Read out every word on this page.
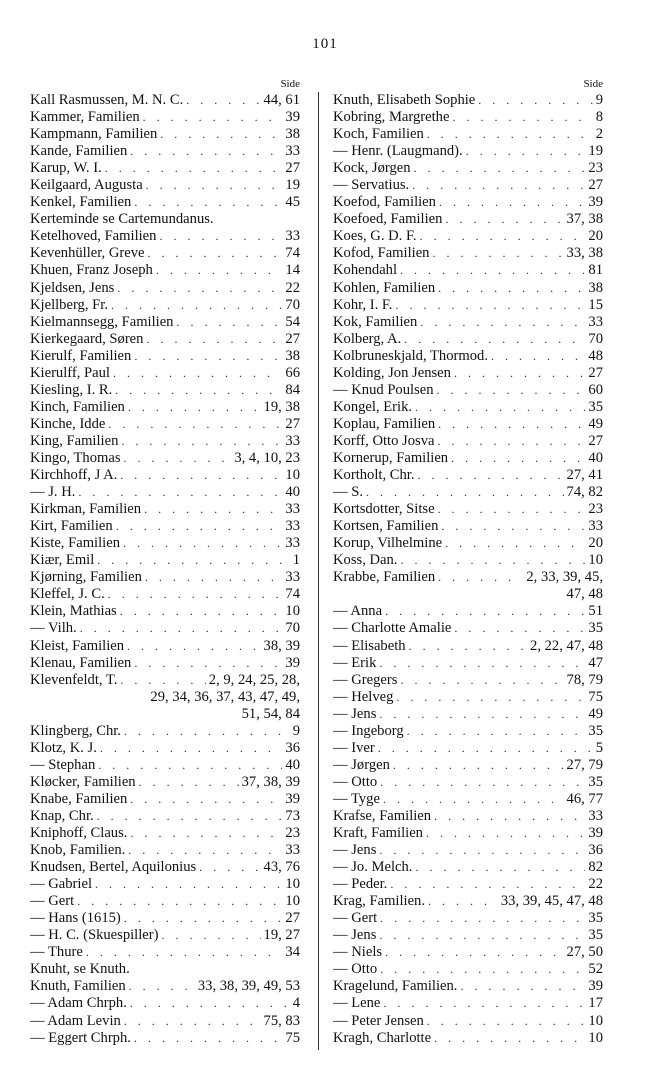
101
Side
Kall Rasmussen, M. N. C. . . .	44, 61
Kammer, Familien . . .	39
Kampmann, Familien . . .	38
Kande, Familien . . .	33
Karup, W. I. . . .	27
Keilgaard, Augusta . . .	19
Kenkel, Familien . . .	45
Kerteminde se Cartemundanus.
Ketelhoved, Familien . . .	33
Kevenhüller, Greve . . .	74
Khuen, Franz Joseph . . .	14
Kjeldsen, Jens . . .	22
Kjellberg, Fr. . . .	70
Kielmannsegg, Familien . . .	54
Kierkegaard, Søren . . .	27
Kierulf, Familien . . .	38
Kierulff, Paul . . .	66
Kiesling, I. R. . . .	84
Kinch, Familien . . .	19, 38
Kinche, Idde . . .	27
King, Familien . . .	33
Kingo, Thomas . . .	3, 4, 10, 23
Kirchhoff, J A. . . .	10
— J. H. . . .	40
Kirkman, Familien . . .	33
Kirt, Familien . . .	33
Kiste, Familien . . .	33
Kiær, Emil . . .	1
Kjørning, Familien . . .	33
Kleffel, J. C. . . .	74
Klein, Mathias . . .	10
— Vilh. . . .	70
Kleist, Familien . . .	38, 39
Klenau, Familien . . .	39
Klevenfeldt, T. . . .	2, 9, 24, 25, 28,
29, 34, 36, 37, 43, 47, 49,
51, 54, 84
Klingberg, Chr. . . .	9
Klotz, K. J. . . .	36
— Stephan . . .	40
Kløcker, Familien . . .	37, 38, 39
Knabe, Familien . . .	39
Knap, Chr. . . .	73
Kniphoff, Claus. . . .	23
Knob, Familien. . . .	33
Knudsen, Bertel, Aquilonius . . .	43, 76
— Gabriel . . .	10
— Gert . . .	10
— Hans (1615) . . .	27
— H. C. (Skuespiller) . . .	19, 27
— Thure . . .	34
Knuht, se Knuth.
Knuth, Familien . . .	33, 38, 39, 49, 53
— Adam Chrph. . . .	4
— Adam Levin . . .	75, 83
— Eggert Chrph. . . .	75
Side
Knuth, Elisabeth Sophie . . .	9
Kobring, Margrethe . . .	8
Koch, Familien . . .	2
— Henr. (Laugmand). . . .	19
Kock, Jørgen . . .	23
— Servatius. . . .	27
Koefod, Familien . . .	39
Koefoed, Familien . . .	37, 38
Koes, G. D. F. . . .	20
Kofod, Familien . . .	33, 38
Kohendahl . . .	81
Kohlen, Familien . . .	38
Kohr, I. F. . . .	15
Kok, Familien . . .	33
Kolberg, A. . . .	70
Kolbruneskjald, Thormod. . . .	48
Kolding, Jon Jensen . . .	27
— Knud Poulsen . . .	60
Kongel, Erik. . . .	35
Koplau, Familien . . .	49
Korff, Otto Josva . . .	27
Kornerup, Familien . . .	40
Kortholt, Chr. . . .	27, 41
— S. . . .	74, 82
Kortsdotter, Sitse . . .	23
Kortsen, Familien . . .	33
Korup, Vilhelmine . . .	20
Koss, Dan. . . .	10
Krabbe, Familien . . .	2, 33, 39, 45,
47, 48
— Anna . . .	51
— Charlotte Amalie . . .	35
— Elisabeth . . .	2, 22, 47, 48
— Erik . . .	47
— Gregers . . .	78, 79
— Helveg . . .	75
— Jens . . .	49
— Ingeborg . . .	35
— Iver . . .	5
— Jørgen . . .	27, 79
— Otto . . .	35
— Tyge . . .	46, 77
Krafse, Familien . . .	33
Kraft, Familien . . .	39
— Jens . . .	36
— Jo. Melch. . . .	82
— Peder. . . .	22
Krag, Familien. . . .	33, 39, 45, 47, 48
— Gert . . .	35
— Jens . . .	35
— Niels . . .	27, 50
— Otto . . .	52
Kragelund, Familien. . . .	39
— Lene . . .	17
— Peter Jensen . . .	10
Kragh, Charlotte . . .	10
